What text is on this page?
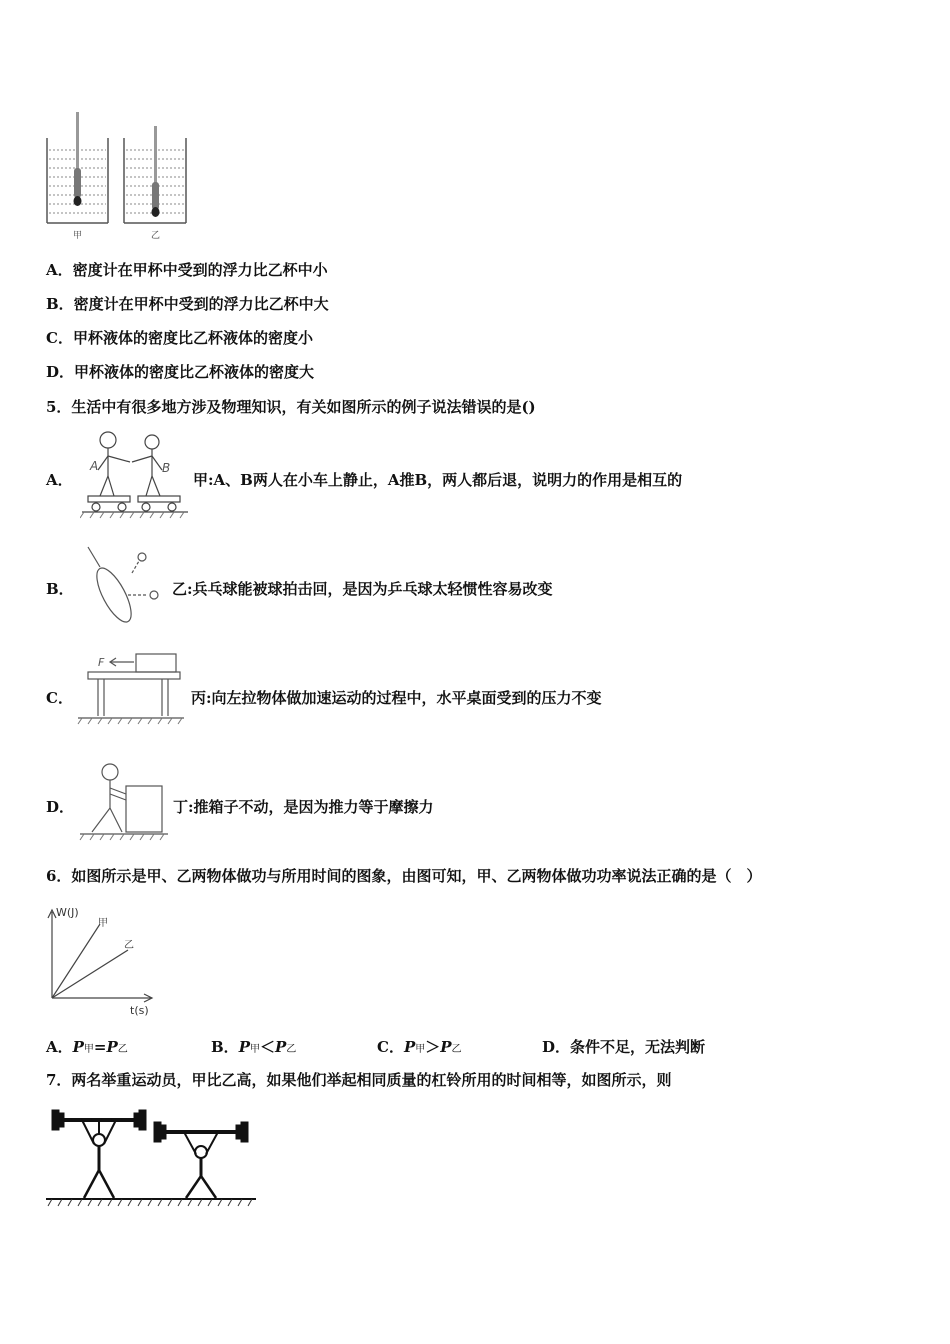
甲	乙
A．密度计在甲杯中受到的浮力比乙杯中小
B．密度计在甲杯中受到的浮力比乙杯中大
C．甲杯液体的密度比乙杯液体的密度小
D．甲杯液体的密度比乙杯液体的密度大
5．生活中有很多地方涉及物理知识，有关如图所示的例子说法错误的是()
A．
A	B
甲:A、B两人在小车上静止，A推B，两人都后退，说明力的作用是相互的
B．	乙:兵乓球能被球拍击回，是因为乒乓球太轻惯性容易改变
C．
F
丙:向左拉物体做加速运动的过程中，水平桌面受到的压力不变
D．	丁:推箱子不动，是因为推力等于摩擦力
6．如图所示是甲、乙两物体做功与所用时间的图象，由图可知，甲、乙两物体做功功率说法正确的是（　）
W(J)
t(s)
甲
乙
A．P甲=P乙	B．P甲＜P乙	C．P甲＞P乙	D．条件不足，无法判断
7．两名举重运动员，甲比乙高，如果他们举起相同质量的杠铃所用的时间相等，如图所示，则
